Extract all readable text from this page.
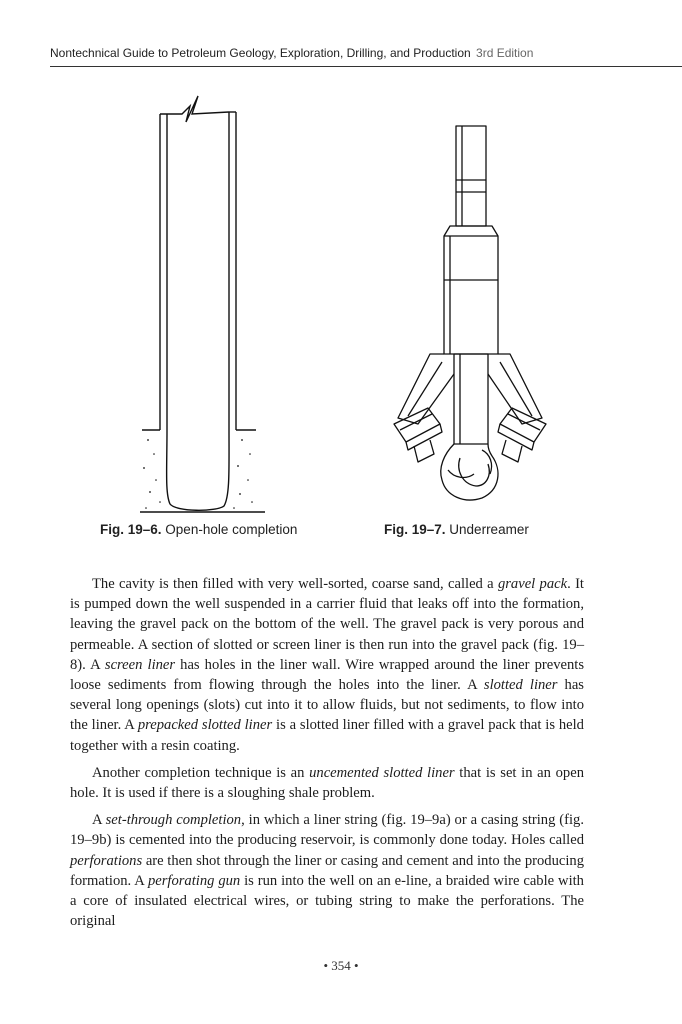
Nontechnical Guide to Petroleum Geology, Exploration, Drilling, and Production 3rd Edition
Fig. 19–6. Open-hole completion	Fig. 19–7. Underreamer

The cavity is then filled with very well-sorted, coarse sand, called a gravel pack. It is pumped down the well suspended in a carrier fluid that leaks off into the formation, leaving the gravel pack on the bottom of the well. The gravel pack is very porous and permeable. A section of slotted or screen liner is then run into the gravel pack (fig. 19–8). A screen liner has holes in the liner wall. Wire wrapped around the liner prevents loose sediments from flowing through the holes into the liner. A slotted liner has several long openings (slots) cut into it to allow fluids, but not sediments, to flow into the liner. A prepacked slotted liner is a slotted liner filled with a gravel pack that is held together with a resin coating.

Another completion technique is an uncemented slotted liner that is set in an open hole. It is used if there is a sloughing shale problem.

A set-through completion, in which a liner string (fig. 19–9a) or a casing string (fig. 19–9b) is cemented into the producing reservoir, is commonly done today. Holes called perforations are then shot through the liner or casing and cement and into the producing formation. A perforating gun is run into the well on an e-line, a braided wire cable with a core of insulated electrical wires, or tubing string to make the perforations. The original

• 354 •
